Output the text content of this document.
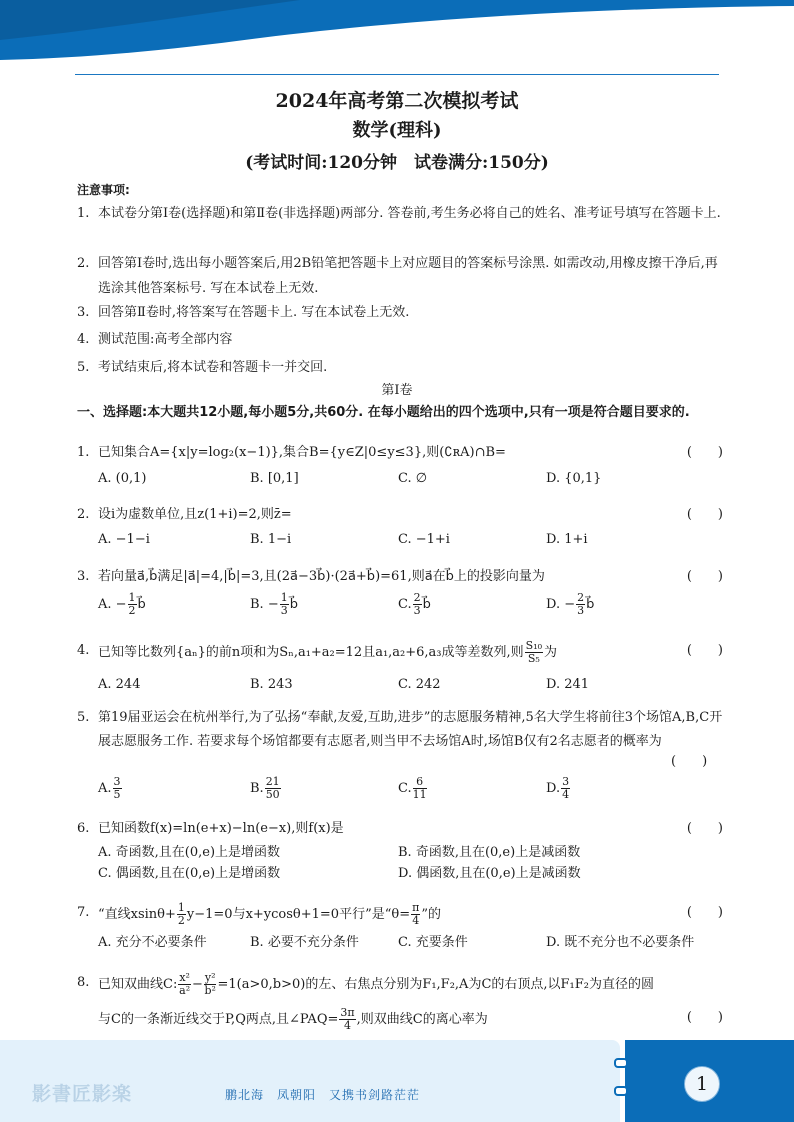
2024年高考第二次模拟考试
数学(理科)
(考试时间:120分钟　试卷满分:150分)
注意事项:
1. 本试卷分第Ⅰ卷(选择题)和第Ⅱ卷(非选择题)两部分. 答卷前,考生务必将自己的姓名、准考证号填写在答题卡上.
2. 回答第Ⅰ卷时,选出每小题答案后,用2B铅笔把答题卡上对应题目的答案标号涂黑. 如需改动,用橡皮擦干净后,再选涂其他答案标号. 写在本试卷上无效.
3. 回答第Ⅱ卷时,将答案写在答题卡上. 写在本试卷上无效.
4. 测试范围:高考全部内容
5. 考试结束后,将本试卷和答题卡一并交回.
第Ⅰ卷
一、选择题:本大题共12小题,每小题5分,共60分. 在每小题给出的四个选项中,只有一项是符合题目要求的.
1. 已知集合A={x|y=log₂(x−1)},集合B={y∈Z|0≤y≤3},则(∁ʀA)∩B=	(　　)
A. (0,1)	B. [0,1]	C. ∅	D. {0,1}
2. 设i为虚数单位,且z(1+i)=2,则z̄=	(　　)
A. −1−i	B. 1−i	C. −1+i	D. 1+i
3. 若向量a⃗,b⃗满足|a⃗|=4,|b⃗|=3,且(2a⃗−3b⃗)·(2a⃗+b⃗)=61,则a⃗在b⃗上的投影向量为	(　　)
A. − $\frac{1}{2}$ b⃗	B. − $\frac{1}{3}$ b⃗	C. $\frac{2}{3}$ b⃗	D. − $\frac{2}{3}$ b⃗
4. 已知等比数列{aₙ}的前n项和为Sₙ,a₁+a₂=12且a₁,a₂+6,a₃成等差数列,则 $\frac{\text{S₁₀}}{\text{S₅}}$ 为	(　　)
A. 244	B. 243	C. 242	D. 241
5. 第19届亚运会在杭州举行,为了弘扬“奉献,友爱,互助,进步”的志愿服务精神,5名大学生将前往3个场馆A,B,C开展志愿服务工作. 若要求每个场馆都要有志愿者,则当甲不去场馆A时,场馆B仅有2名志愿者的概率为
(　　)
A. $\frac{3}{5}$	B. $\frac{21}{50}$	C. $\frac{6}{11}$	D. $\frac{3}{4}$
6. 已知函数f(x)=ln(e+x)−ln(e−x),则f(x)是	(　　)
A. 奇函数,且在(0,e)上是增函数	B. 奇函数,且在(0,e)上是减函数
C. 偶函数,且在(0,e)上是增函数	D. 偶函数,且在(0,e)上是减函数
7. “直线$xsin\theta+ \frac{1}{2} y-1=0$与x+ycosθ+1=0平行”是“$\theta= \frac{\pi}{4}$ ”的	(　　)
A. 充分不必要条件	B. 必要不充分条件	C. 充要条件	D. 既不充分也不必要条件
8. 已知双曲线C: $\frac{\text{x²}}{\text{a²}} - \frac{\text{y²}}{\text{b²}} =1(a>0,b>0)$的左、右焦点分别为F₁,F₂,A为C的右顶点,以F₁F₂为直径的圆
与C的一条渐近线交于P,Q两点,且∠PAQ= $\frac{3\pi}{4}$ ,则双曲线C的离心率为	(　　)
影書匠影楽	鹏北海　凤朝阳　又携书剑路茫茫	1
